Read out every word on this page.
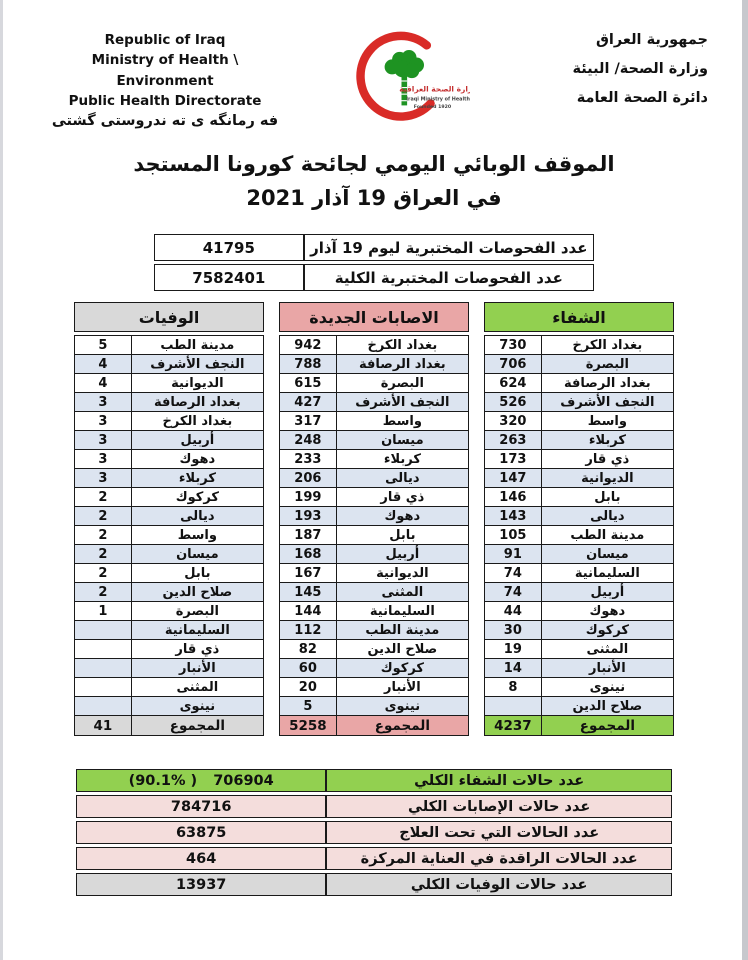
Republic of Iraq
Ministry of Health \ Environment
Public Health Directorate
فه رمانگه ى ته ندروستى گشتى
وزارة الصحة العراقية
Iraqi Ministry of Health
Founded 1920
جمهورية العراق
وزارة الصحة/ البيئة
دائرة الصحة العامة
الموقف الوبائي اليومي لجائحة كورونا المستجد
في العراق 19 آذار 2021
عدد الفحوصات المختبرية ليوم 19 آذار	41795
عدد الفحوصات المختبرية الكلية	7582401
الشفاء
بغداد الكرخ	730
البصرة	706
بغداد الرصافة	624
النجف الأشرف	526
واسط	320
كربلاء	263
ذي قار	173
الديوانية	147
بابل	146
ديالى	143
مدينة الطب	105
ميسان	91
السليمانية	74
أربيل	74
دهوك	44
كركوك	30
المثنى	19
الأنبار	14
نينوى	8
صلاح الدين	
المجموع	4237
الاصابات الجديدة
بغداد الكرخ	942
بغداد الرصافة	788
البصرة	615
النجف الأشرف	427
واسط	317
ميسان	248
كربلاء	233
ديالى	206
ذي قار	199
دهوك	193
بابل	187
أربيل	168
الديوانية	167
المثنى	145
السليمانية	144
مدينة الطب	112
صلاح الدين	82
كركوك	60
الأنبار	20
نينوى	5
المجموع	5258
الوفيات
مدينة الطب	5
النجف الأشرف	4
الديوانية	4
بغداد الرصافة	3
بغداد الكرخ	3
أربيل	3
دهوك	3
كربلاء	3
كركوك	2
ديالى	2
واسط	2
ميسان	2
بابل	2
صلاح الدين	2
البصرة	1
السليمانية	
ذي قار	
الأنبار	
المثنى	
نينوى	
المجموع	41
عدد حالات الشفاء الكلي	(90.1% ) 706904
عدد حالات الإصابات الكلي	784716
عدد الحالات التي تحت العلاج	63875
عدد الحالات الراقدة في العناية المركزة	464
عدد حالات الوفيات الكلي	13937
